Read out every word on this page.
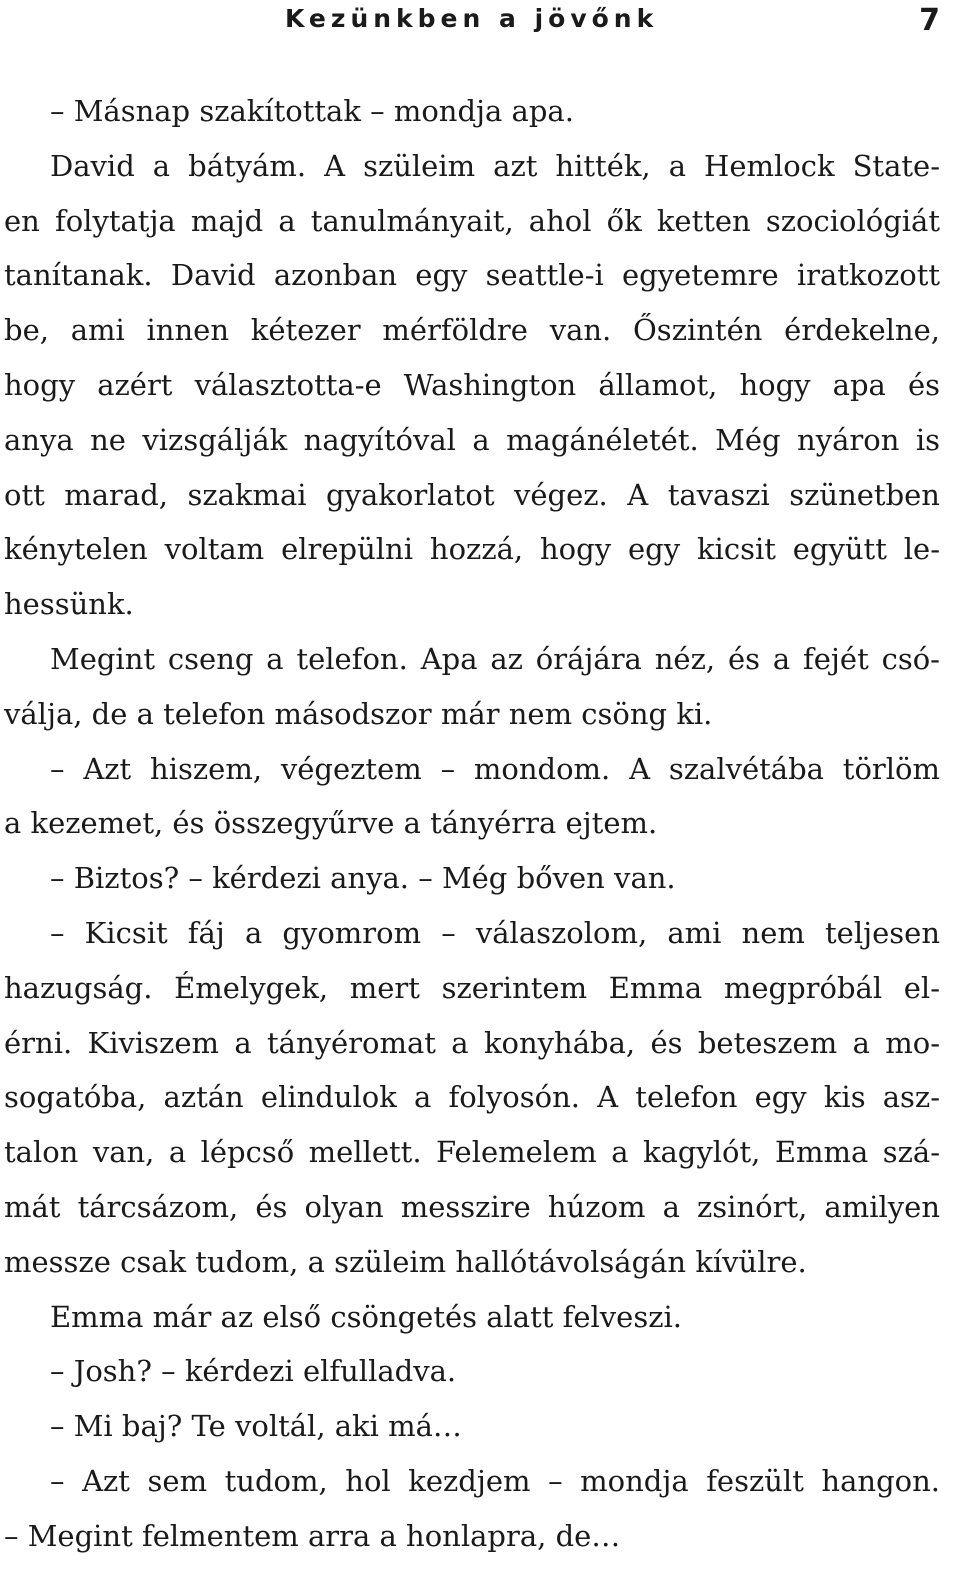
Kezünkben a jövőnk	7
– Másnap szakítottak – mondja apa.
David a bátyám. A szüleim azt hitték, a Hemlock State-
en folytatja majd a tanulmányait, ahol ők ketten szociológiát
tanítanak. David azonban egy seattle-i egyetemre iratkozott
be, ami innen kétezer mérföldre van. Őszintén érdekelne,
hogy azért választotta-e Washington államot, hogy apa és
anya ne vizsgálják nagyítóval a magánéletét. Még nyáron is
ott marad, szakmai gyakorlatot végez. A tavaszi szünetben
kénytelen voltam elrepülni hozzá, hogy egy kicsit együtt le-
hessünk.
Megint cseng a telefon. Apa az órájára néz, és a fejét csó-
válja, de a telefon másodszor már nem csöng ki.
– Azt hiszem, végeztem – mondom. A szalvétába törlöm
a kezemet, és összegyűrve a tányérra ejtem.
– Biztos? – kérdezi anya. – Még bőven van.
– Kicsit fáj a gyomrom – válaszolom, ami nem teljesen
hazugság. Émelygek, mert szerintem Emma megpróbál el-
érni. Kiviszem a tányéromat a konyhába, és beteszem a mo-
sogatóba, aztán elindulok a folyosón. A telefon egy kis asz-
talon van, a lépcső mellett. Felemelem a kagylót, Emma szá-
mát tárcsázom, és olyan messzire húzom a zsinórt, amilyen
messze csak tudom, a szüleim hallótávolságán kívülre.
Emma már az első csöngetés alatt felveszi.
– Josh? – kérdezi elfulladva.
– Mi baj? Te voltál, aki má…
– Azt sem tudom, hol kezdjem – mondja feszült hangon.
– Megint felmentem arra a honlapra, de…
